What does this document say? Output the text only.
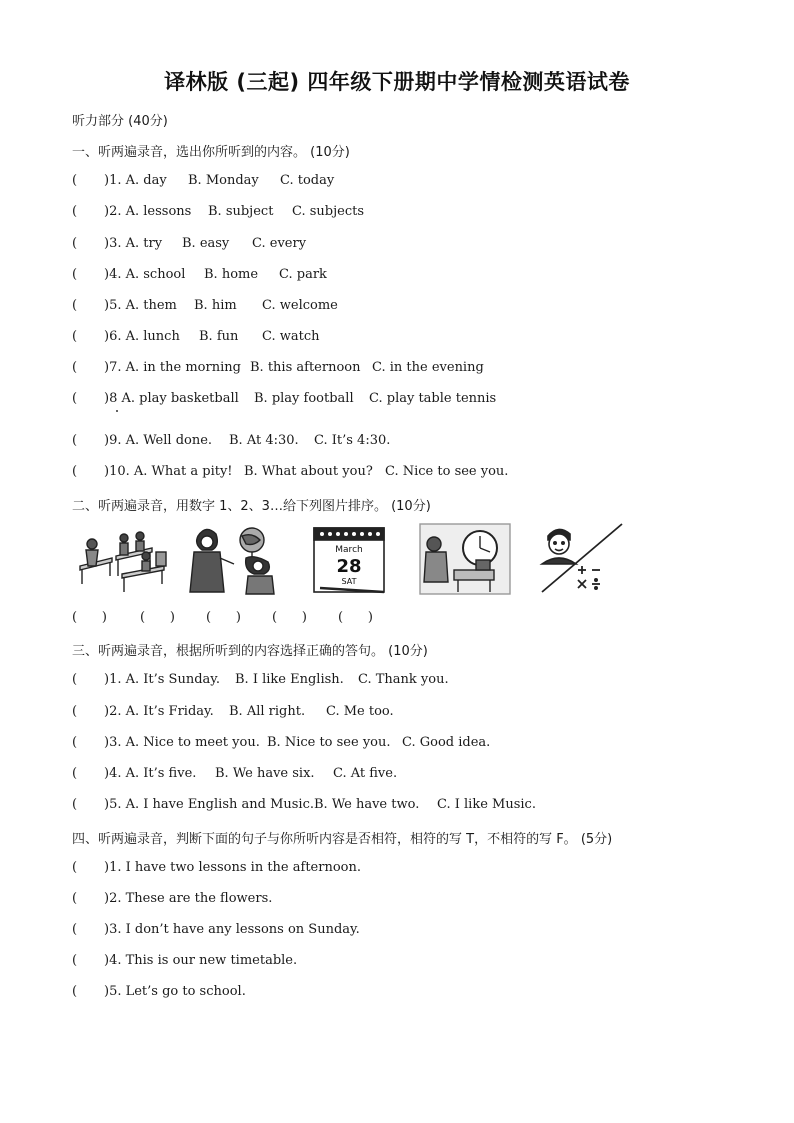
译林版 (三起) 四年级下册期中学情检测英语试卷
听力部分 (40分)
一、听两遍录音，选出你所听到的内容。 (10分)
( )1. A. day B. Monday C. today
( )2. A. lessons B. subject C. subjects
( )3. A. try B. easy C. every
( )4. A. school B. home C. park
( )5. A. them B. him C. welcome
( )6. A. lunch B. fun C. watch
( )7. A. in the morning B. this afternoon C. in the evening
( )8 A. play basketball B. play football C. play table tennis
( )9. A. Well done. B. At 4:30. C. It’s 4:30.
( )10. A. What a pity! B. What about you? C. Nice to see you.
二、听两遍录音，用数字 1、2、3…给下列图片排序。 (10分)
March
28
SAT
(      )	(      ) (      ) (      ) (      )
三、听两遍录音，根据所听到的内容选择正确的答句。 (10分)
( )1. A. It’s Sunday. B. I like English. C. Thank you.
( )2. A. It’s Friday. B. All right. C. Me too.
( )3. A. Nice to meet you. B. Nice to see you. C. Good idea.
( )4. A. It’s five. B. We have six. C. At five.
( )5. A. I have English and Music. B. We have two. C. I like Music.
四、听两遍录音，判断下面的句子与你所听内容是否相符，相符的写 T，不相符的写 F。 (5分)
( )1. I have two lessons in the afternoon.
( )2. These are the flowers.
( )3. I don’t have any lessons on Sunday.
( )4. This is our new timetable.
( )5. Let’s go to school.
